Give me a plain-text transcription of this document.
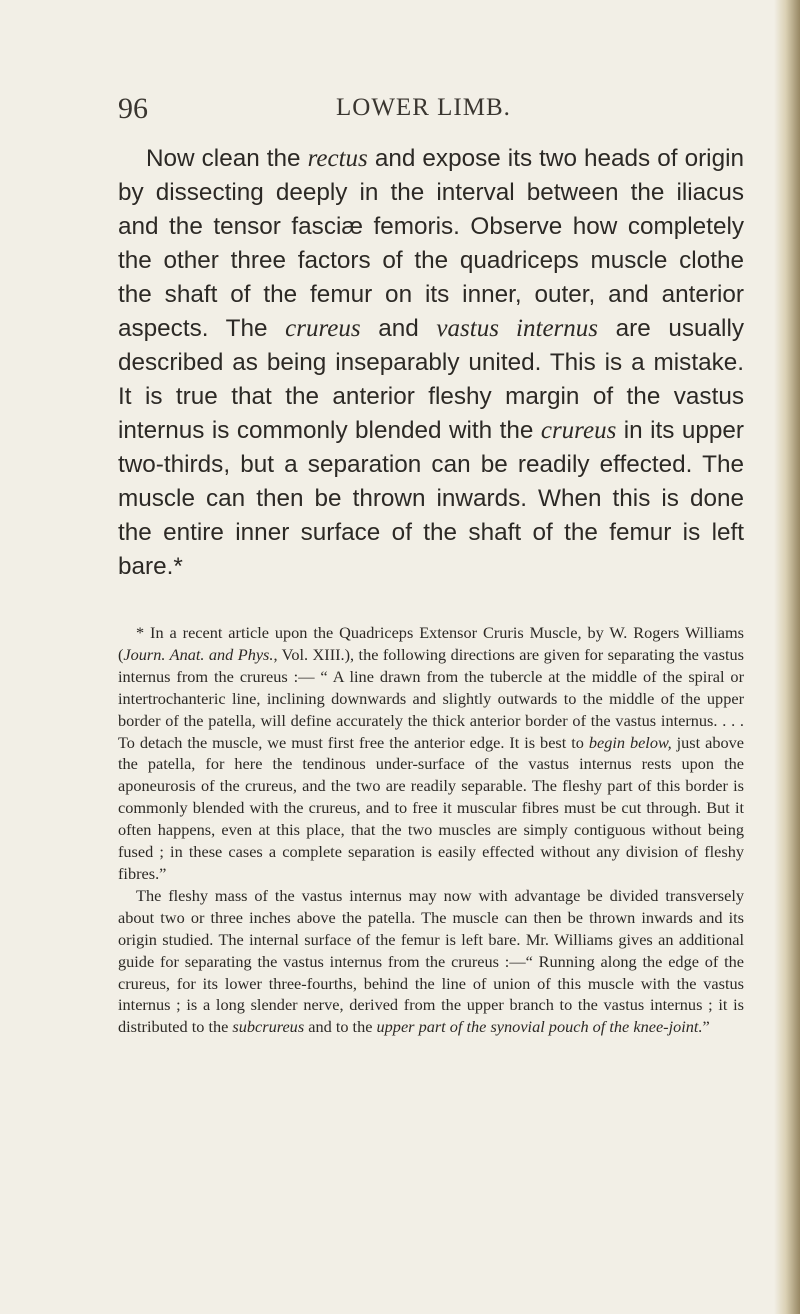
96	LOWER LIMB.

Now clean the rectus and expose its two heads of origin by dissecting deeply in the interval between the iliacus and the tensor fasciæ femoris. Observe how completely the other three factors of the quadriceps muscle clothe the shaft of the femur on its inner, outer, and anterior aspects. The crureus and vastus internus are usually described as being inseparably united. This is a mistake. It is true that the anterior fleshy margin of the vastus internus is commonly blended with the crureus in its upper two-thirds, but a separation can be readily effected. The muscle can then be thrown inwards. When this is done the entire inner surface of the shaft of the femur is left bare.*

* In a recent article upon the Quadriceps Extensor Cruris Muscle, by W. Rogers Williams (Journ. Anat. and Phys., Vol. XIII.), the following directions are given for separating the vastus internus from the crureus :— “ A line drawn from the tubercle at the middle of the spiral or intertrochanteric line, inclining downwards and slightly outwards to the middle of the upper border of the patella, will define accurately the thick anterior border of the vastus internus. . . . To detach the muscle, we must first free the anterior edge. It is best to begin below, just above the patella, for here the tendinous under-surface of the vastus internus rests upon the aponeurosis of the crureus, and the two are readily separable. The fleshy part of this border is commonly blended with the crureus, and to free it muscular fibres must be cut through. But it often happens, even at this place, that the two muscles are simply contiguous without being fused ; in these cases a complete separation is easily effected without any division of fleshy fibres.”

The fleshy mass of the vastus internus may now with advantage be divided transversely about two or three inches above the patella. The muscle can then be thrown inwards and its origin studied. The internal surface of the femur is left bare. Mr. Williams gives an additional guide for separating the vastus internus from the crureus :—“ Running along the edge of the crureus, for its lower three-fourths, behind the line of union of this muscle with the vastus internus ; is a long slender nerve, derived from the upper branch to the vastus internus ; it is distributed to the subcrureus and to the upper part of the synovial pouch of the knee-joint.”
